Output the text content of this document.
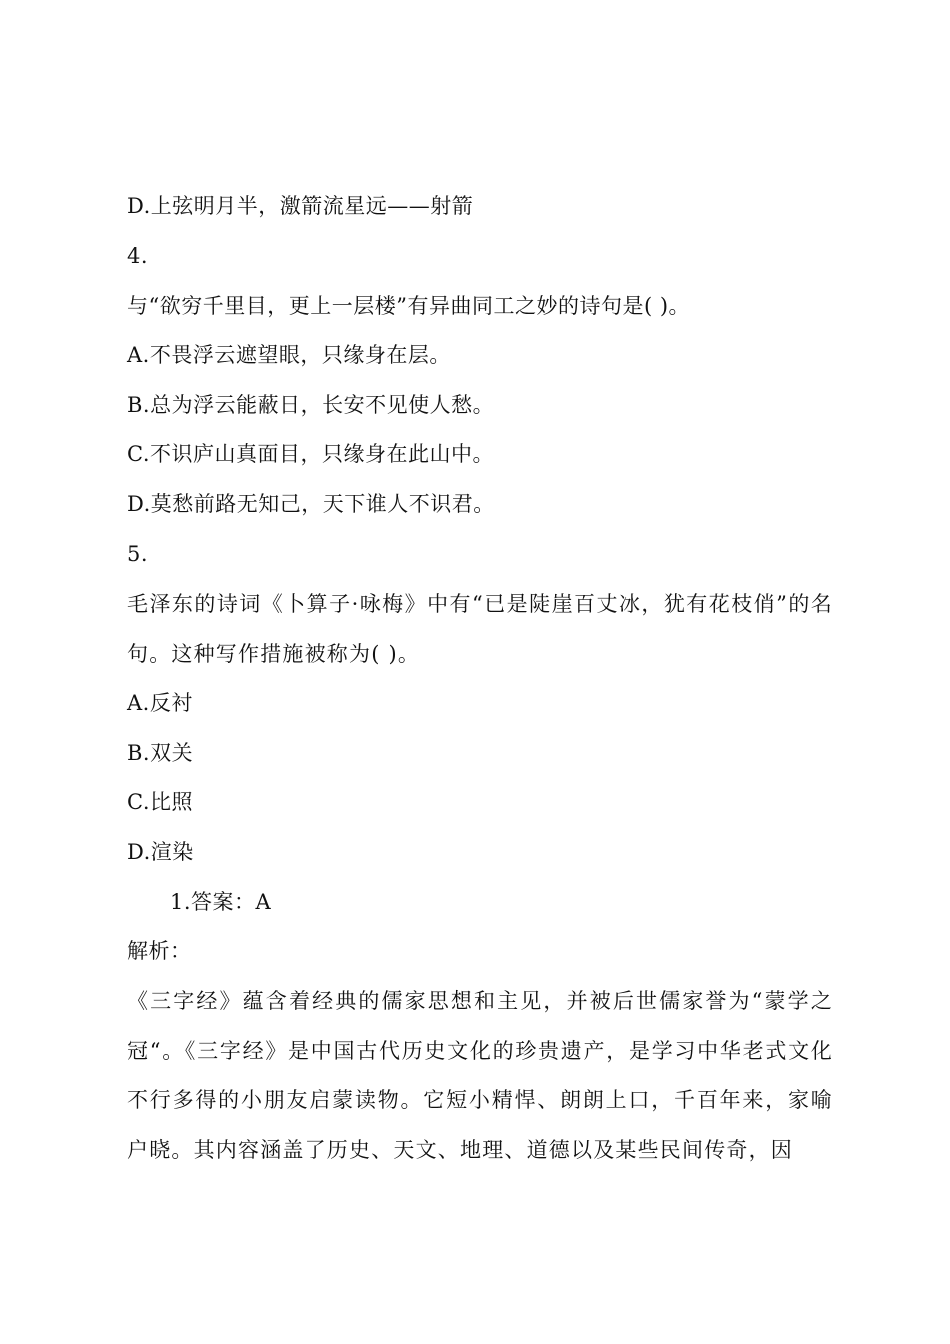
D.上弦明月半，激箭流星远——射箭
4.
与“欲穷千里目，更上一层楼”有异曲同工之妙的诗句是( )。
A.不畏浮云遮望眼，只缘身在层。
B.总为浮云能蔽日，长安不见使人愁。
C.不识庐山真面目，只缘身在此山中。
D.莫愁前路无知己，天下谁人不识君。
5.
毛泽东的诗词《卜算子·咏梅》中有“已是陡崖百丈冰，犹有花枝俏”的名句。这种写作措施被称为( )。
A.反衬
B.双关
C.比照
D.渲染
1.答案：A
解析：
《三字经》蕴含着经典的儒家思想和主见，并被后世儒家誉为“蒙学之冠“。《三字经》是中国古代历史文化的珍贵遗产，是学习中华老式文化不行多得的小朋友启蒙读物。它短小精悍、朗朗上口，千百年来，家喻户晓。其内容涵盖了历史、天文、地理、道德以及某些民间传奇，因
